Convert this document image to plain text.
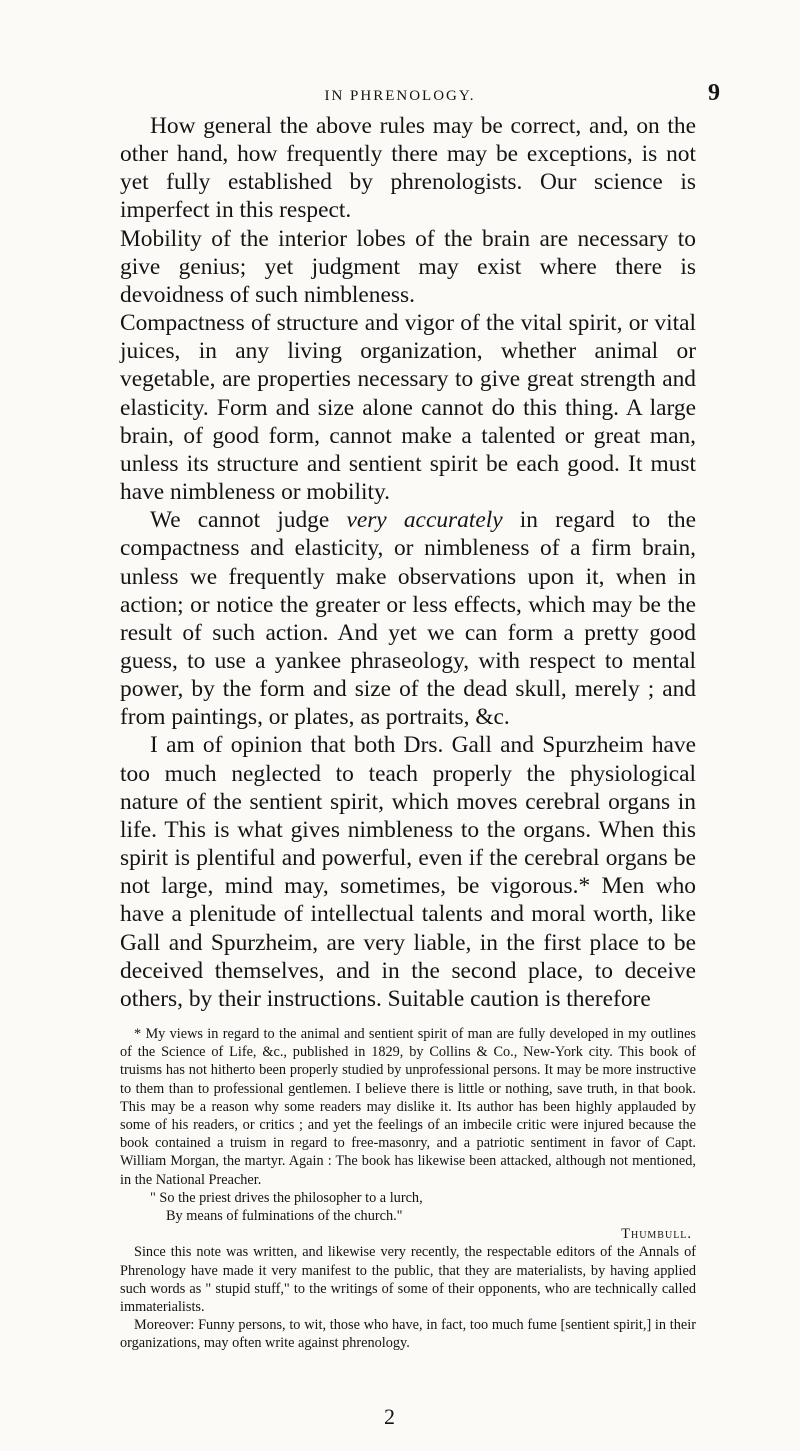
IN PHRENOLOGY.	9

How general the above rules may be correct, and, on the other hand, how frequently there may be exceptions, is not yet fully established by phrenologists. Our science is imperfect in this respect.

Mobility of the interior lobes of the brain are necessary to give genius; yet judgment may exist where there is devoidness of such nimbleness.

Compactness of structure and vigor of the vital spirit, or vital juices, in any living organization, whether animal or vegetable, are properties necessary to give great strength and elasticity. Form and size alone cannot do this thing. A large brain, of good form, cannot make a talented or great man, unless its structure and sentient spirit be each good. It must have nimbleness or mobility.

We cannot judge very accurately in regard to the compactness and elasticity, or nimbleness of a firm brain, unless we frequently make observations upon it, when in action; or notice the greater or less effects, which may be the result of such action. And yet we can form a pretty good guess, to use a yankee phraseology, with respect to mental power, by the form and size of the dead skull, merely ; and from paintings, or plates, as portraits, &c.

I am of opinion that both Drs. Gall and Spurzheim have too much neglected to teach properly the physiological nature of the sentient spirit, which moves cerebral organs in life. This is what gives nimbleness to the organs. When this spirit is plentiful and powerful, even if the cerebral organs be not large, mind may, sometimes, be vigorous.* Men who have a plenitude of intellectual talents and moral worth, like Gall and Spurzheim, are very liable, in the first place to be deceived themselves, and in the second place, to deceive others, by their instructions. Suitable caution is therefore

* My views in regard to the animal and sentient spirit of man are fully developed in my outlines of the Science of Life, &c., published in 1829, by Collins & Co., New-York city. This book of truisms has not hitherto been properly studied by unprofessional persons. It may be more instructive to them than to professional gentlemen. I believe there is little or nothing, save truth, in that book. This may be a reason why some readers may dislike it. Its author has been highly applauded by some of his readers, or critics ; and yet the feelings of an imbecile critic were injured because the book contained a truism in regard to free-masonry, and a patriotic sentiment in favor of Capt. William Morgan, the martyr. Again : The book has likewise been attacked, although not mentioned, in the National Preacher.

" So the priest drives the philosopher to a lurch,

By means of fulminations of the church."

Thumbull.

Since this note was written, and likewise very recently, the respectable editors of the Annals of Phrenology have made it very manifest to the public, that they are materialists, by having applied such words as " stupid stuff," to the writings of some of their opponents, who are technically called immaterialists.

Moreover: Funny persons, to wit, those who have, in fact, too much fume [sentient spirit,] in their organizations, may often write against phrenology.

2
